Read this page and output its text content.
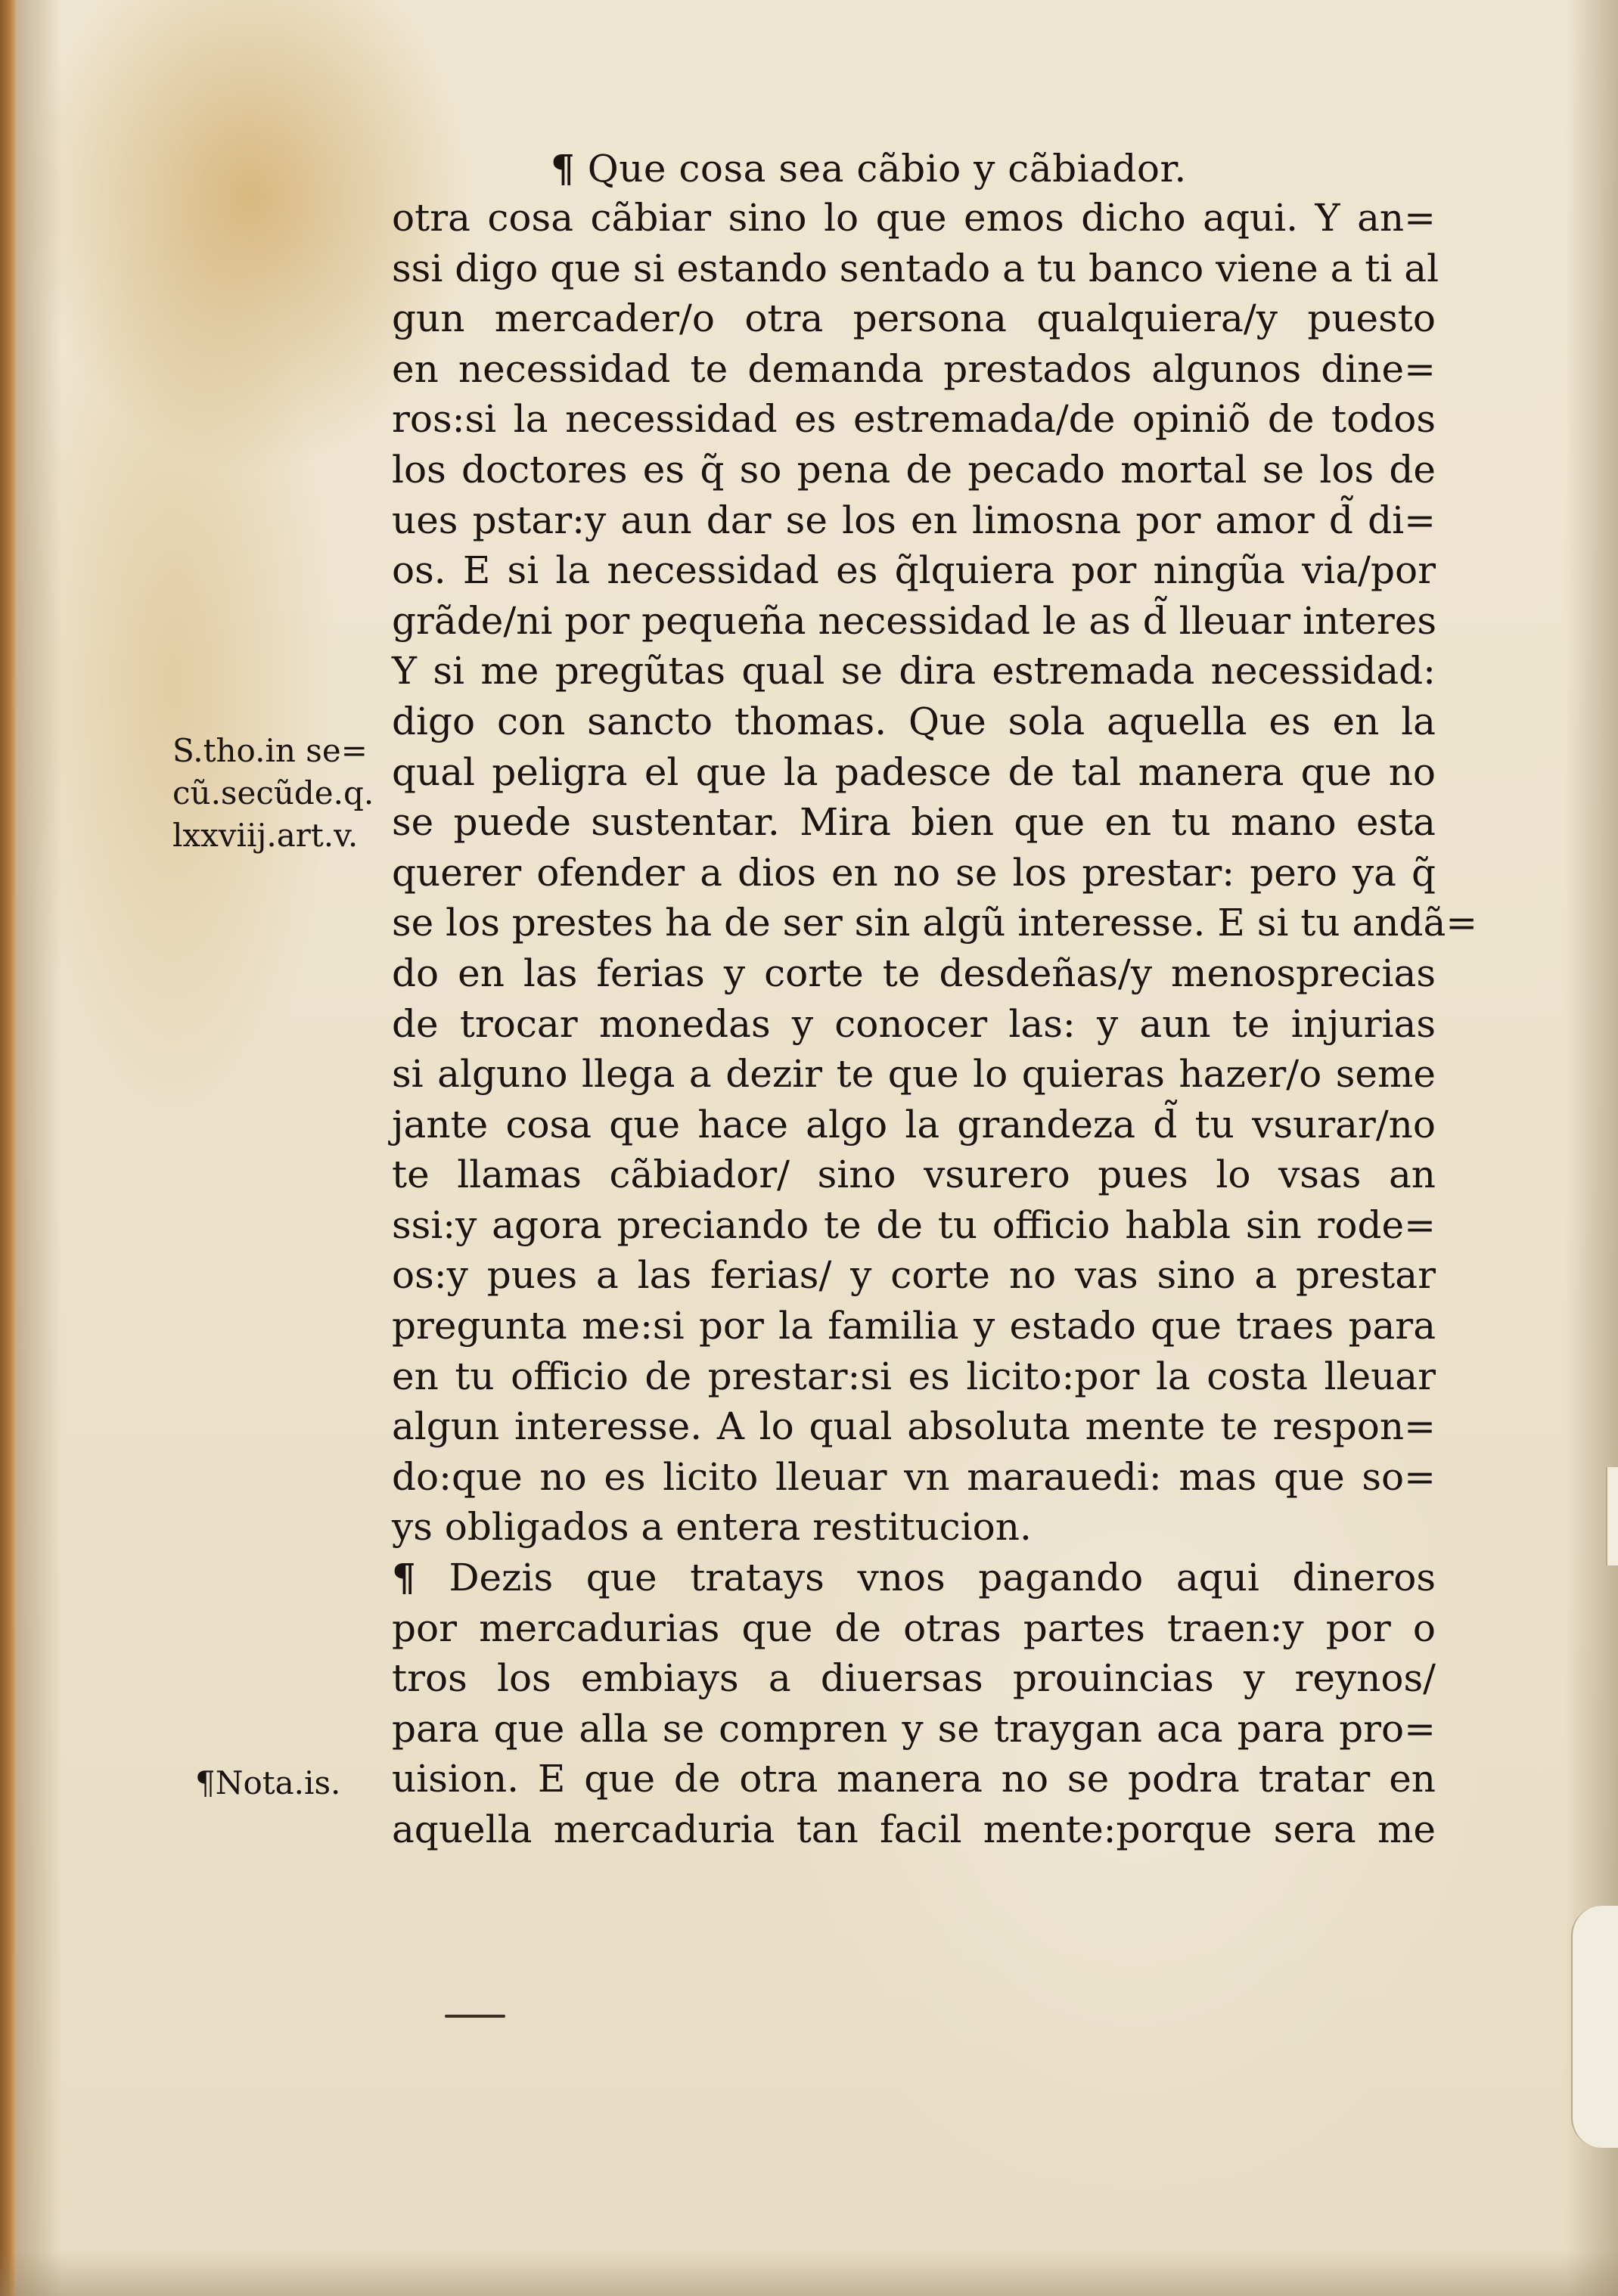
¶ Que cosa sea cãbio y cãbiador.
otra cosa cãbiar sino lo que emos dicho aqui. Y an=
ssi digo que si estando sentado a tu banco viene a ti al
gun mercader/o otra persona qualquiera/y puesto
en necessidad te demanda prestados algunos dine=
ros:si la necessidad es estremada/de opiniõ de todos
los doctores es q̃ so pena de pecado mortal se los de
ues pstar:y aun dar se los en limosna por amor d̃ di=
os. E si la necessidad es q̃lquiera por ningũa via/por
grãde/ni por pequeña necessidad le as d̃ lleuar interes
Y si me pregũtas qual se dira estremada necessidad:
digo con sancto thomas. Que sola aquella es en la
qual peligra el que la padesce de tal manera que no
se puede sustentar. Mira bien que en tu mano esta
querer ofender a dios en no se los prestar: pero ya q̃
se los prestes ha de ser sin algũ interesse. E si tu andã=
do en las ferias y corte te desdeñas/y menosprecias
de trocar monedas y conocer las: y aun te injurias
si alguno llega a dezir te que lo quieras hazer/o seme
jante cosa que hace algo la grandeza d̃ tu vsurar/no
te llamas cãbiador/ sino vsurero pues lo vsas an
ssi:y agora preciando te de tu officio habla sin rode=
os:y pues a las ferias/ y corte no vas sino a prestar
pregunta me:si por la familia y estado que traes para
en tu officio de prestar:si es licito:por la costa lleuar
algun interesse. A lo qual absoluta mente te respon=
do:que no es licito lleuar vn marauedi: mas que so=
ys obligados a entera restitucion.
¶ Dezis que tratays vnos pagando aqui dineros
por mercadurias que de otras partes traen:y por o
tros los embiays a diuersas prouincias y reynos/
para que alla se compren y se traygan aca para pro=
uision. E que de otra manera no se podra tratar en
aquella mercaduria tan facil mente:porque sera me
S.tho.in se=
cũ.secũde.q.
lxxviij.art.v.
¶Nota.is.
